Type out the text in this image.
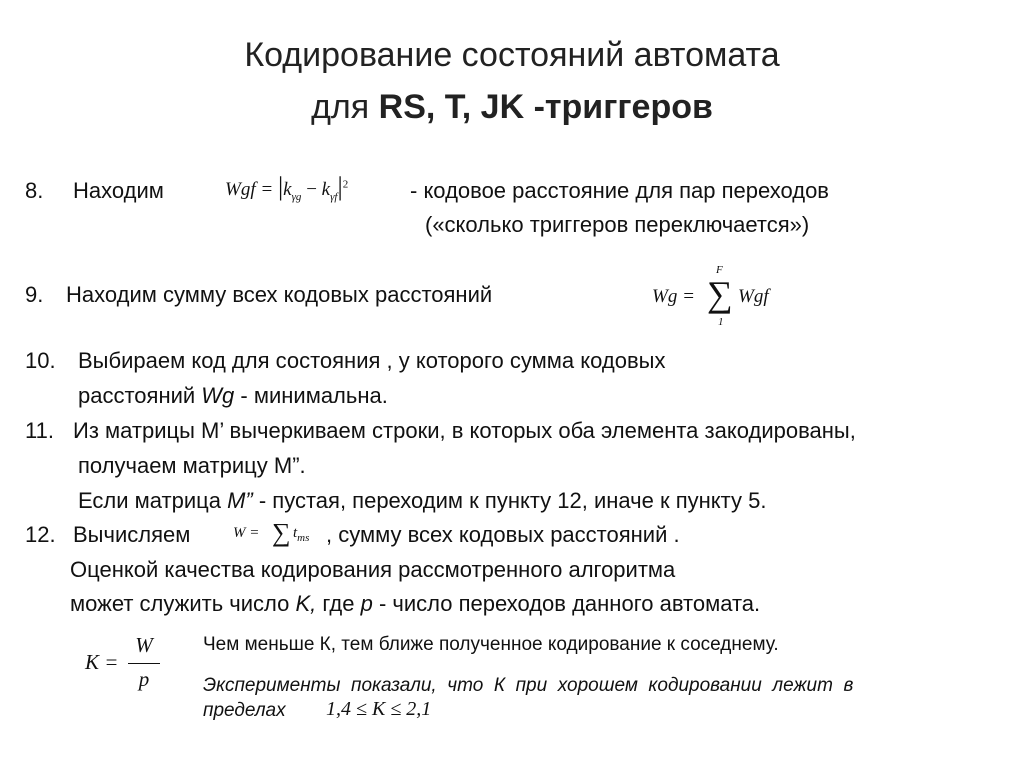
Кодирование состояний автомата
для RS, T, JK -триггеров
8. Находим	Wgf = $|k_{\gamma g} - k_{\gamma f}|^2$	- кодовое расстояние для пар переходов
(«сколько триггеров переключается»)
9. Находим сумму всех кодовых расстояний	Wg = ∑
F
1
Wgf
10. Выбираем код для состояния , у которого сумма кодовых
расстояний Wg - минимальна.
11. Из матрицы M’ вычеркиваем строки, в которых оба элемента закодированы,
получаем матрицу M”.
Если матрица M” - пустая, переходим к пункту 12, иначе к пункту 5.
12. Вычисляем	W = ∑ $t_{ms}$ , сумму всех кодовых расстояний .
Оценкой качества кодирования рассмотренного алгоритма
может служить число K, где p - число переходов данного автомата.
K =
W
p
Чем меньше К, тем ближе полученное кодирование к соседнему.
Эксперименты  показали,  что  К  при  хорошем  кодировании  лежит  в
пределах 1,4 ≤ K ≤ 2,1
